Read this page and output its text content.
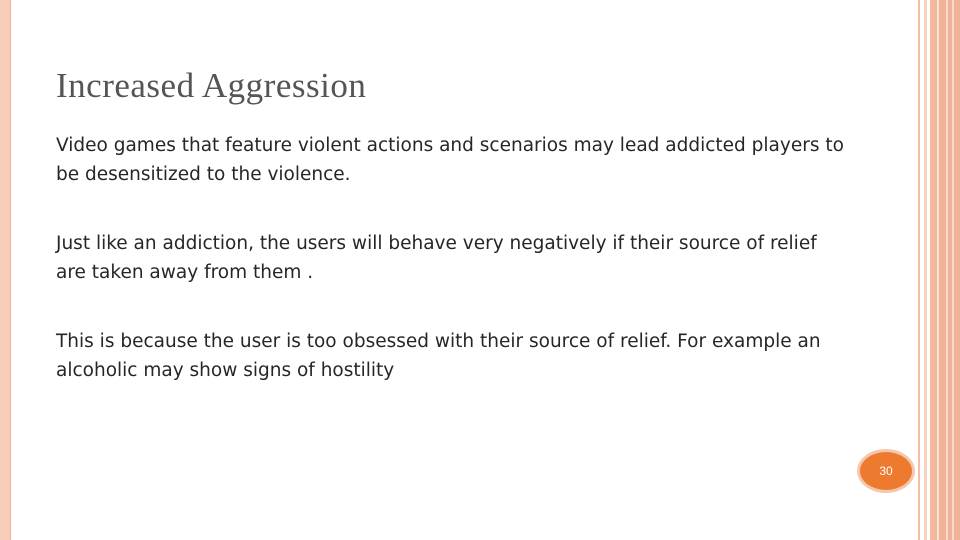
Increased Aggression

Video games that feature violent actions and scenarios may lead addicted players to be desensitized to the violence.

Just like an addiction, the users will behave very negatively if their source of relief are taken away from them .

This is because the user is too obsessed with their source of relief. For example an alcoholic may show signs of hostility

30
